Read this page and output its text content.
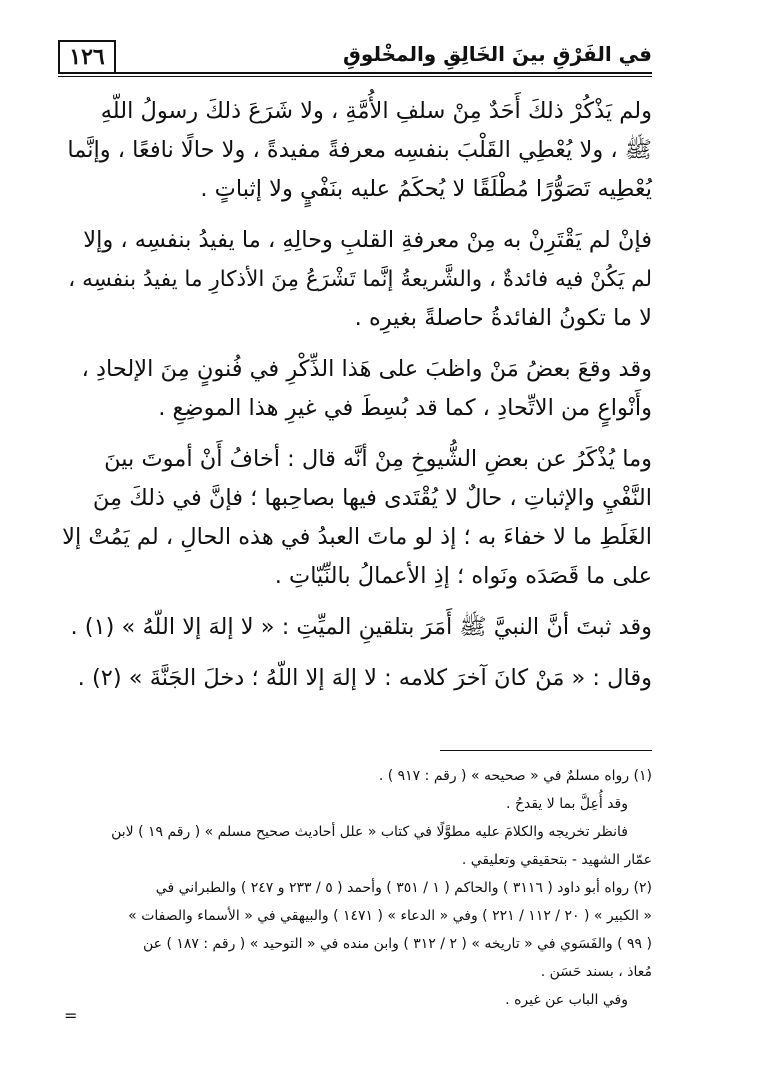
١٢٦	في الفَرْقِ بينَ الخَالِقِ والمخْلوقِ
ولم يَذْكُرْ ذلكَ أَحَدٌ مِنْ سلفِ الأُمَّةِ ، ولا شَرَعَ ذلكَ رسولُ اللّهِ
ﷺ ، ولا يُعْطِي القَلْبَ بنفسِه معرفةً مفيدةً ، ولا حالًا نافعًا ، وإنَّما
يُعْطِيه تَصَوُّرًا مُطْلَقًا لا يُحكَمُ عليه بنَفْيٍ ولا إثباتٍ .
فإنْ لم يَقْتَرِنْ به مِنْ معرفةِ القلبِ وحالِهِ ، ما يفيدُ بنفسِه ، وإلا
لم يَكُنْ فيه فائدةٌ ، والشَّريعةُ إنَّما تَشْرَعُ مِنَ الأذكارِ ما يفيدُ بنفسِه ،
لا ما تكونُ الفائدةُ حاصلةً بغيرِه .
وقد وقعَ بعضُ مَنْ واظبَ على هَذا الذِّكْرِ في فُنونٍ مِنَ الإلحادِ ،
وأَنْواعٍ من الاتِّحادِ ، كما قد بُسِطَ في غيرِ هذا الموضِعِ .
وما يُذْكَرُ عن بعضِ الشُّيوخِ مِنْ أنَّه قال : أخافُ أَنْ أموتَ بينَ
النَّفْيِ والإثباتِ ، حالٌ لا يُقْتَدى فيها بصاحِبها ؛ فإنَّ في ذلكَ مِنَ
الغَلَطِ ما لا خفاءَ به ؛ إذ لو ماتَ العبدُ في هذه الحالِ ، لم يَمُتْ إلا
على ما قَصَدَه ونَواه ؛ إذِ الأعمالُ بالنِّيّاتِ .
وقد ثبتَ أنَّ النبيَّ ﷺ أَمَرَ بتلقينِ الميِّتِ : « لا إلهَ إلا اللّهُ » (١) .
وقال : « مَنْ كانَ آخرَ كلامه : لا إلهَ إلا اللّهُ ؛ دخلَ الجَنَّةَ » (٢) .
(١) رواه مسلمٌ في « صحيحه » ( رقم : ٩١٧ ) .
وقد أُعِلَّ بما لا يقدحُ .
فانظر تخريجه والكلامَ عليه مطوَّلًا في كتاب « علل أحاديث صحيح مسلم » ( رقم ١٩ ) لابن
عمّار الشهيد - بتحقيقي وتعليقي .
(٢) رواه أبو داود ( ٣١١٦ ) والحاكم ( ١ / ٣٥١ ) وأحمد ( ٥ / ٢٣٣ و ٢٤٧ ) والطبراني في
« الكبير » ( ٢٠ / ١١٢ / ٢٢١ ) وفي « الدعاء » ( ١٤٧١ ) والبيهقي في « الأسماء والصفات »
( ٩٩ ) والفَسَوي في « تاريخه » ( ٢ / ٣١٢ ) وابن منده في « التوحيد » ( رقم : ١٨٧ ) عن
مُعاذ ، بسند حَسَن .
وفي الباب عن غيره .
=
